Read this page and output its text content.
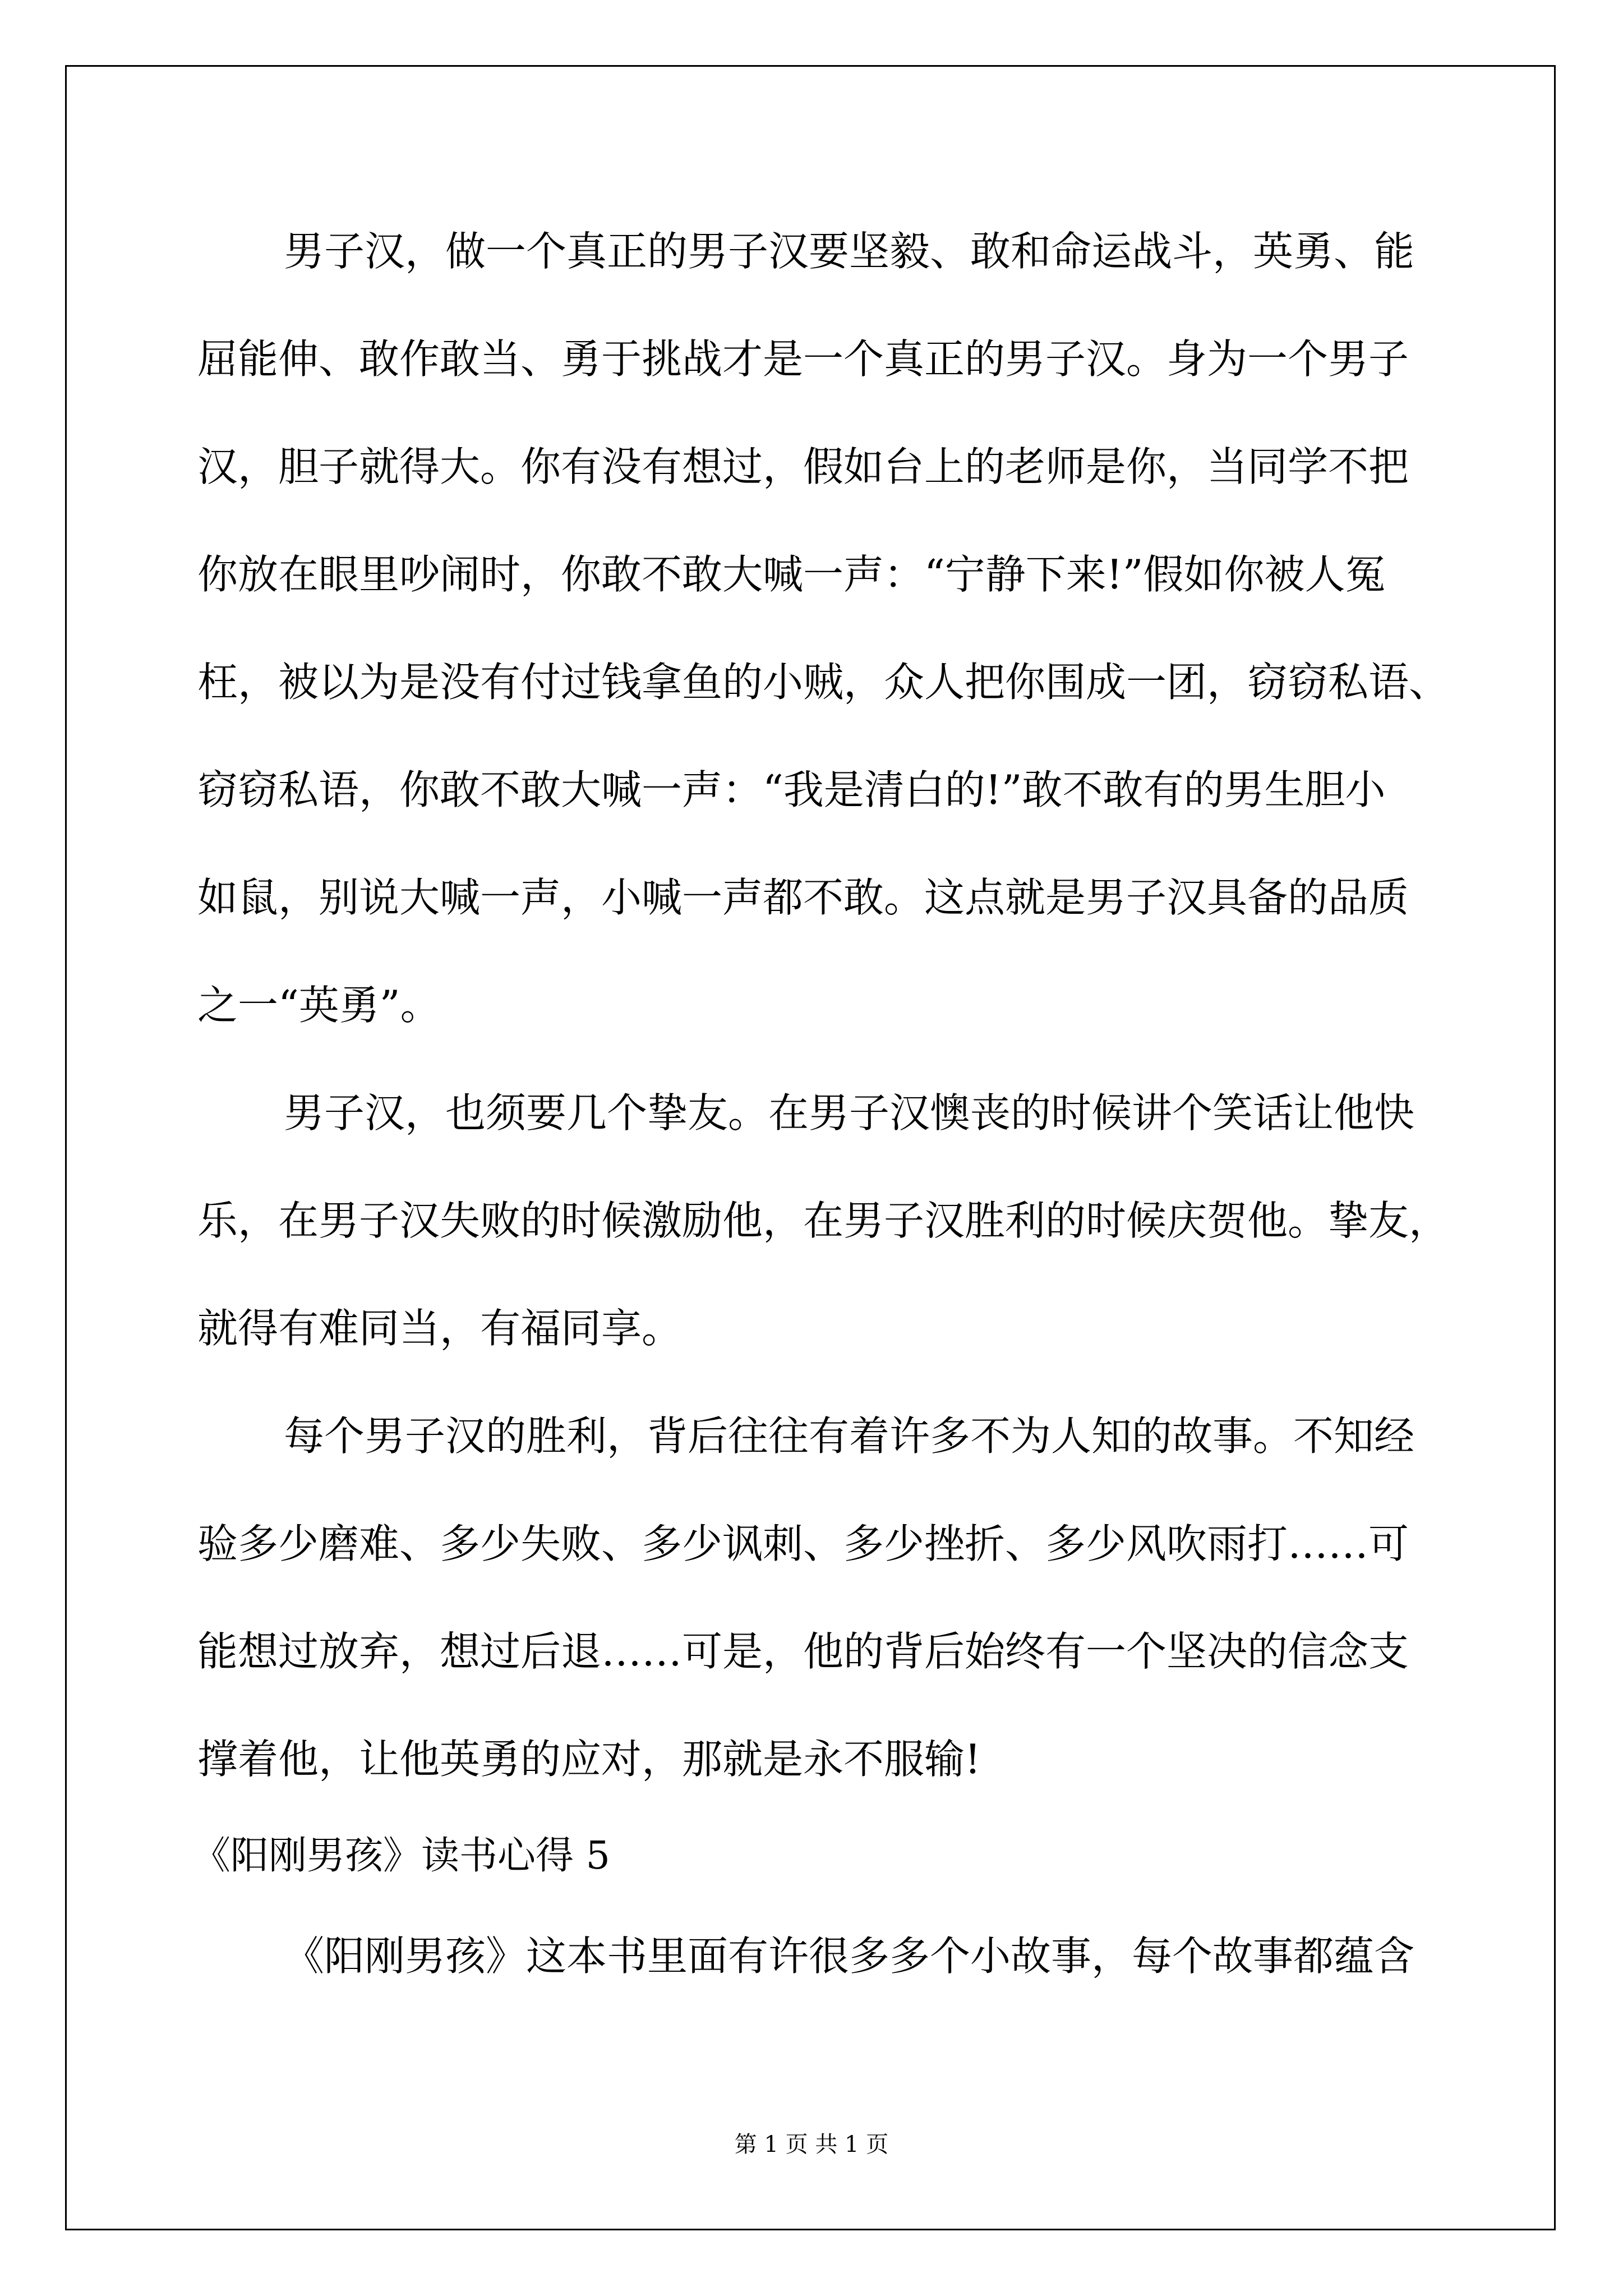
男子汉，做一个真正的男子汉要坚毅、敢和命运战斗，英勇、能
屈能伸、敢作敢当、勇于挑战才是一个真正的男子汉。身为一个男子
汉，胆子就得大。你有没有想过，假如台上的老师是你，当同学不把
你放在眼里吵闹时，你敢不敢大喊一声：“宁静下来!”假如你被人冤
枉，被以为是没有付过钱拿鱼的小贼，众人把你围成一团，窃窃私语、
窃窃私语，你敢不敢大喊一声：“我是清白的!”敢不敢有的男生胆小
如鼠，别说大喊一声，小喊一声都不敢。这点就是男子汉具备的品质
之一“英勇”。
男子汉，也须要几个挚友。在男子汉懊丧的时候讲个笑话让他快
乐，在男子汉失败的时候激励他，在男子汉胜利的时候庆贺他。挚友，
就得有难同当，有福同享。
每个男子汉的胜利，背后往往有着许多不为人知的故事。不知经
验多少磨难、多少失败、多少讽刺、多少挫折、多少风吹雨打……可
能想过放弃，想过后退……可是，他的背后始终有一个坚决的信念支
撑着他，让他英勇的应对，那就是永不服输!
《阳刚男孩》读书心得 5
《阳刚男孩》这本书里面有许很多多个小故事，每个故事都蕴含
第 1 页 共 1 页
